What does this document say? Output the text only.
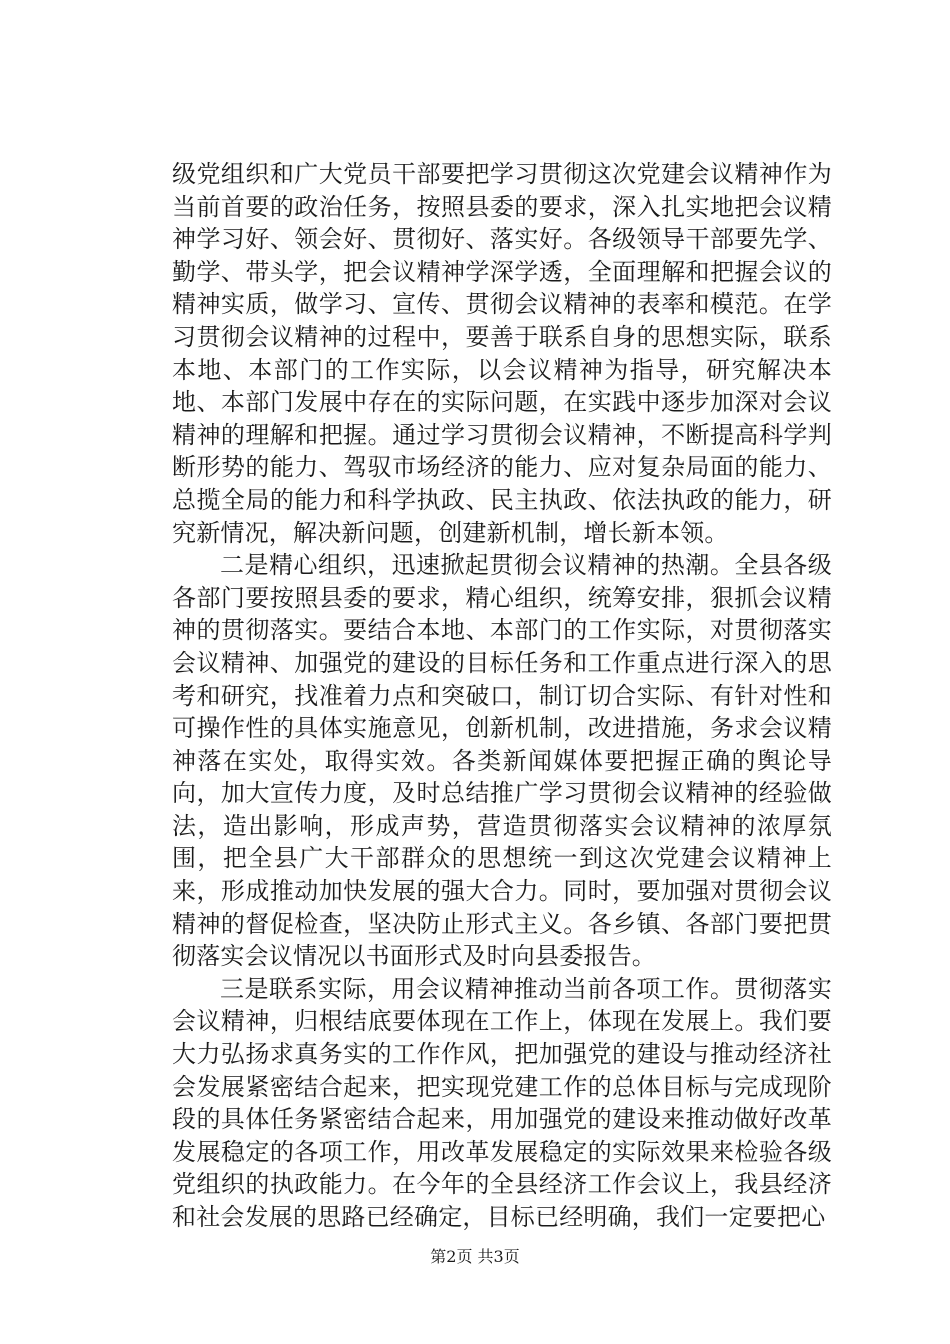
级党组织和广大党员干部要把学习贯彻这次党建会议精神作为当前首要的政治任务，按照县委的要求，深入扎实地把会议精神学习好、领会好、贯彻好、落实好。各级领导干部要先学、勤学、带头学，把会议精神学深学透，全面理解和把握会议的精神实质，做学习、宣传、贯彻会议精神的表率和模范。在学习贯彻会议精神的过程中，要善于联系自身的思想实际，联系本地、本部门的工作实际，以会议精神为指导，研究解决本地、本部门发展中存在的实际问题，在实践中逐步加深对会议精神的理解和把握。通过学习贯彻会议精神，不断提高科学判断形势的能力、驾驭市场经济的能力、应对复杂局面的能力、总揽全局的能力和科学执政、民主执政、依法执政的能力，研究新情况，解决新问题，创建新机制，增长新本领。

二是精心组织，迅速掀起贯彻会议精神的热潮。全县各级各部门要按照县委的要求，精心组织，统筹安排，狠抓会议精神的贯彻落实。要结合本地、本部门的工作实际，对贯彻落实会议精神、加强党的建设的目标任务和工作重点进行深入的思考和研究，找准着力点和突破口，制订切合实际、有针对性和可操作性的具体实施意见，创新机制，改进措施，务求会议精神落在实处，取得实效。各类新闻媒体要把握正确的舆论导向，加大宣传力度，及时总结推广学习贯彻会议精神的经验做法，造出影响，形成声势，营造贯彻落实会议精神的浓厚氛围，把全县广大干部群众的思想统一到这次党建会议精神上来，形成推动加快发展的强大合力。同时，要加强对贯彻会议精神的督促检查，坚决防止形式主义。各乡镇、各部门要把贯彻落实会议情况以书面形式及时向县委报告。

三是联系实际，用会议精神推动当前各项工作。贯彻落实会议精神，归根结底要体现在工作上，体现在发展上。我们要大力弘扬求真务实的工作作风，把加强党的建设与推动经济社会发展紧密结合起来，把实现党建工作的总体目标与完成现阶段的具体任务紧密结合起来，用加强党的建设来推动做好改革发展稳定的各项工作，用改革发展稳定的实际效果来检验各级党组织的执政能力。在今年的全县经济工作会议上，我县经济和社会发展的思路已经确定，目标已经明确，我们一定要把心

第2页 共3页
